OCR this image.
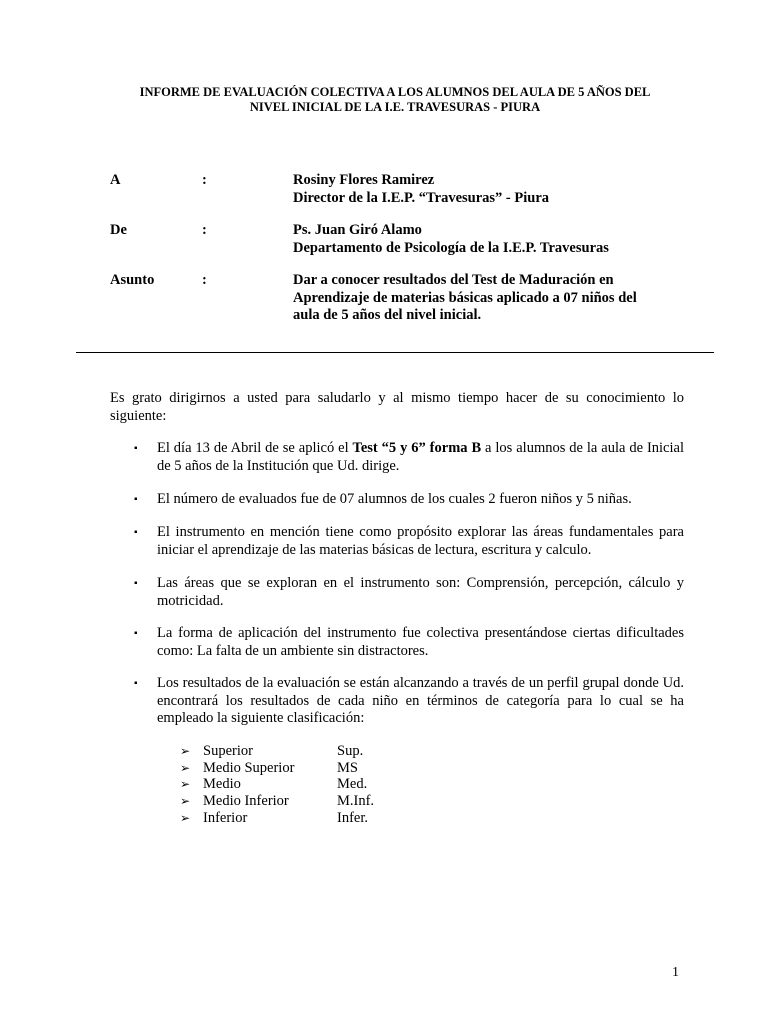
INFORME DE EVALUACIÓN COLECTIVA A LOS ALUMNOS DEL AULA DE 5 AÑOS DEL
NIVEL INICIAL DE LA I.E. TRAVESURAS - PIURA
A	:	Rosiny Flores Ramirez
Director de la I.E.P. “Travesuras” - Piura
De	:	Ps. Juan Giró Alamo
Departamento de Psicología de la I.E.P. Travesuras
Asunto	:	Dar a conocer resultados del Test de Maduración en
Aprendizaje de materias básicas aplicado a 07 niños del
aula de 5 años del nivel inicial.
Es grato dirigirnos a usted para saludarlo y al mismo tiempo hacer de su conocimiento lo siguiente:
▪ El día 13 de Abril de se aplicó el Test “5 y 6” forma B a los alumnos de la aula de Inicial de 5 años de la Institución que Ud. dirige.
▪ El número de evaluados fue de 07 alumnos de los cuales 2 fueron niños y 5 niñas.
▪ El instrumento en mención tiene como propósito explorar las áreas fundamentales para iniciar el aprendizaje de las materias básicas de lectura, escritura y calculo.
▪ Las áreas que se exploran en el instrumento son: Comprensión, percepción, cálculo y motricidad.
▪ La forma de aplicación del instrumento fue colectiva presentándose ciertas dificultades como: La falta de un ambiente sin distractores.
▪ Los resultados de la evaluación se están alcanzando a través de un perfil grupal donde Ud. encontrará los resultados de cada niño en términos de categoría para lo cual se ha empleado la siguiente clasificación:
➢ Superior	Sup.
➢ Medio Superior	MS
➢ Medio	Med.
➢ Medio Inferior	M.Inf.
➢ Inferior	Infer.
1
